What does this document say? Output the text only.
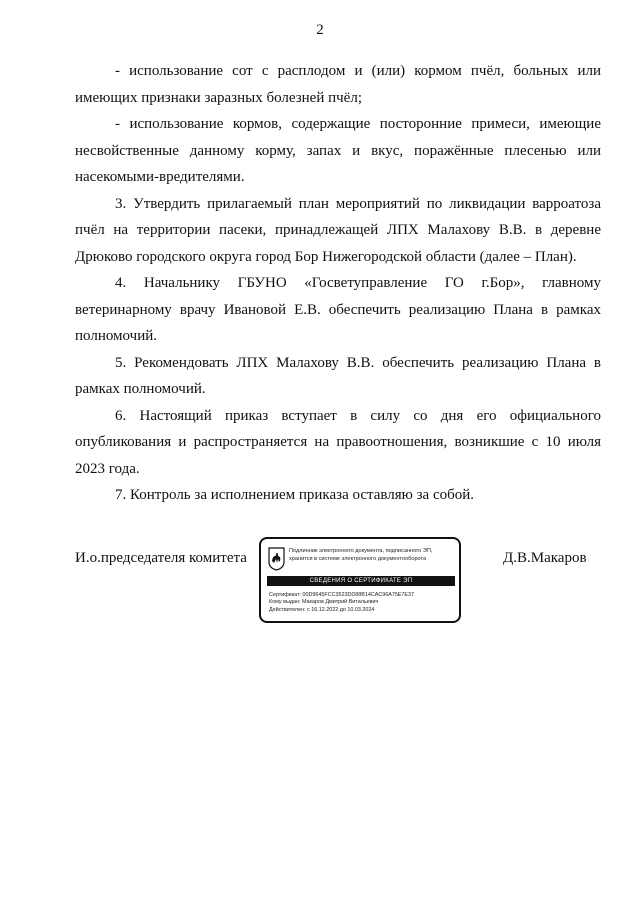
2

- использование сот с расплодом и (или) кормом пчёл, больных или имеющих признаки заразных болезней пчёл;

- использование кормов, содержащие посторонние примеси, имеющие несвойственные данному корму, запах и вкус, поражённые плесенью или насекомыми-вредителями.

3. Утвердить прилагаемый план мероприятий по ликвидации варроатоза пчёл на территории пасеки, принадлежащей ЛПХ Малахову В.В. в деревне Дрюково городского округа город Бор Нижегородской области (далее – План).

4. Начальнику ГБУНО «Госветуправление ГО г.Бор», главному ветеринарному врачу Ивановой Е.В. обеспечить реализацию Плана в рамках полномочий.

5. Рекомендовать ЛПХ Малахову В.В. обеспечить реализацию Плана в рамках полномочий.

6. Настоящий приказ вступает в силу со дня его официального опубликования и распространяется на правоотношения, возникшие с 10 июля 2023 года.

7. Контроль за исполнением приказа оставляю за собой.

И.о.председателя комитета	Подлинник электронного документа, подписанного ЭП, хранится в системе электронного документооборота
СВЕДЕНИЯ О СЕРТИФИКАТЕ ЭП
Сертификат: 00D9645FCC3523DD88B14CAC96A75E7E37
Кому выдан: Макаров Дмитрий Витальевич
Действителен: с 16.12.2022 до 10.03.2024
Д.В.Макаров
